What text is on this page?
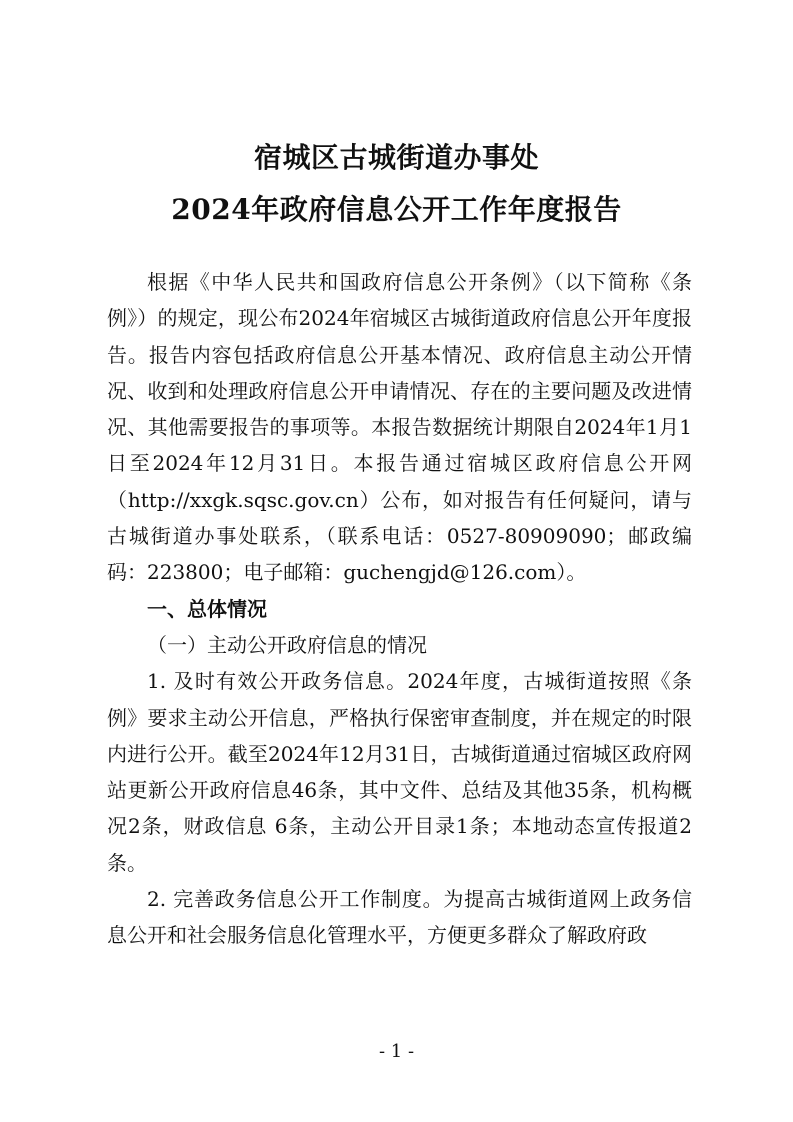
宿城区古城街道办事处
2024年政府信息公开工作年度报告

根据《中华人民共和国政府信息公开条例》（以下简称《条例》）的规定，现公布2024年宿城区古城街道政府信息公开年度报告。报告内容包括政府信息公开基本情况、政府信息主动公开情况、收到和处理政府信息公开申请情况、存在的主要问题及改进情况、其他需要报告的事项等。本报告数据统计期限自2024年1月1日至2024年12月31日。本报告通过宿城区政府信息公开网（http://xxgk.sqsc.gov.cn）公布，如对报告有任何疑问，请与古城街道办事处联系，（联系电话：0527-80909090；邮政编码：223800；电子邮箱：guchengjd@126.com）。

一、总体情况

（一）主动公开政府信息的情况

1. 及时有效公开政务信息。2024年度，古城街道按照《条例》要求主动公开信息，严格执行保密审查制度，并在规定的时限内进行公开。截至2024年12月31日，古城街道通过宿城区政府网站更新公开政府信息46条，其中文件、总结及其他35条，机构概况2条，财政信息 6条，主动公开目录1条；本地动态宣传报道2条。

2. 完善政务信息公开工作制度。为提高古城街道网上政务信息公开和社会服务信息化管理水平，方便更多群众了解政府政

- 1 -
